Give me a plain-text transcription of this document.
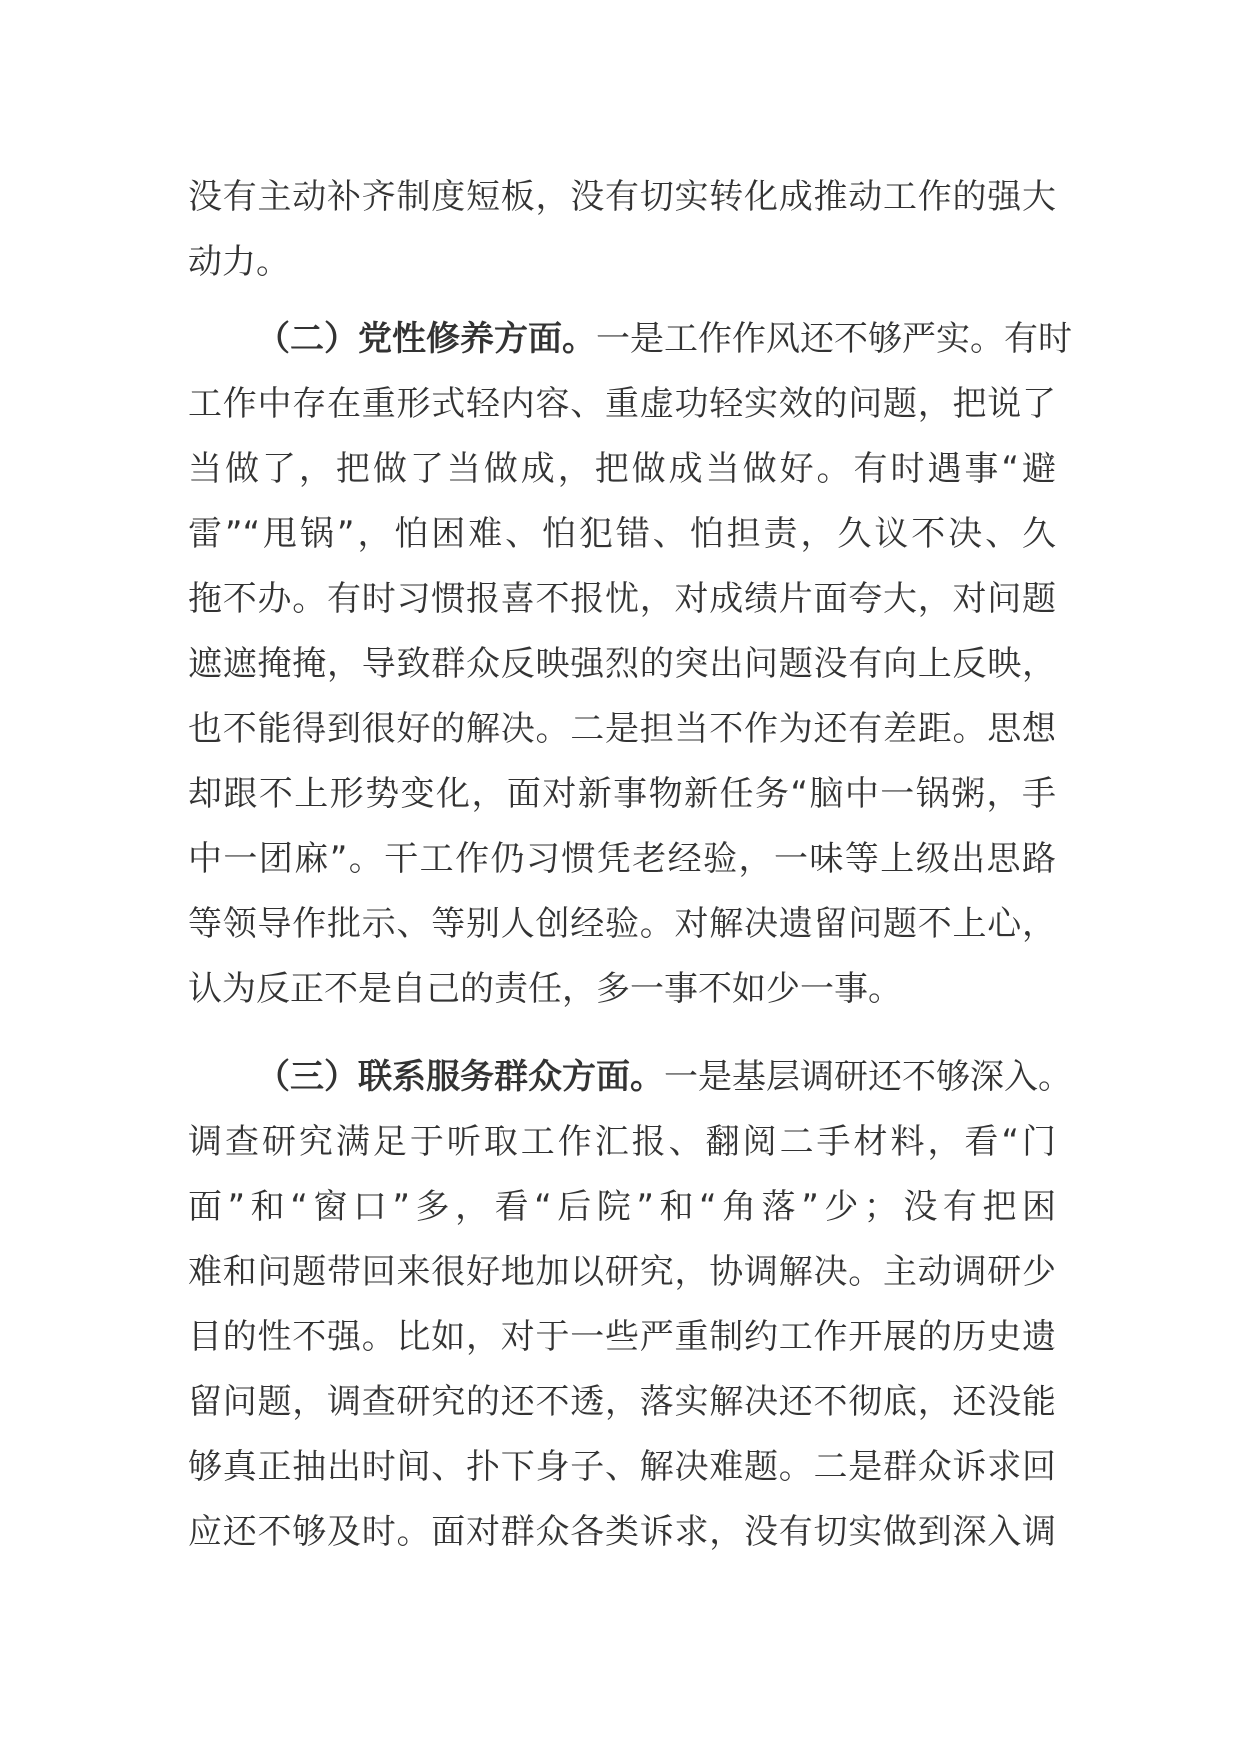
没有主动补齐制度短板，没有切实转化成推动工作的强大
动力。
（二）党性修养方面。一是工作作风还不够严实。有时
工作中存在重形式轻内容、重虚功轻实效的问题，把说了
当做了，把做了当做成，把做成当做好。有时遇事“避
雷”“甩锅”，怕困难、怕犯错、怕担责，久议不决、久
拖不办。有时习惯报喜不报忧，对成绩片面夸大，对问题
遮遮掩掩，导致群众反映强烈的突出问题没有向上反映，
也不能得到很好的解决。二是担当不作为还有差距。思想
却跟不上形势变化，面对新事物新任务“脑中一锅粥，手
中一团麻”。干工作仍习惯凭老经验，一味等上级出思路
等领导作批示、等别人创经验。对解决遗留问题不上心，
认为反正不是自己的责任，多一事不如少一事。
（三）联系服务群众方面。一是基层调研还不够深入。
调查研究满足于听取工作汇报、翻阅二手材料，看“门
面”和“窗口”多，看“后院”和“角落”少；没有把困
难和问题带回来很好地加以研究，协调解决。主动调研少
目的性不强。比如，对于一些严重制约工作开展的历史遗
留问题，调查研究的还不透，落实解决还不彻底，还没能
够真正抽出时间、扑下身子、解决难题。二是群众诉求回
应还不够及时。面对群众各类诉求，没有切实做到深入调
